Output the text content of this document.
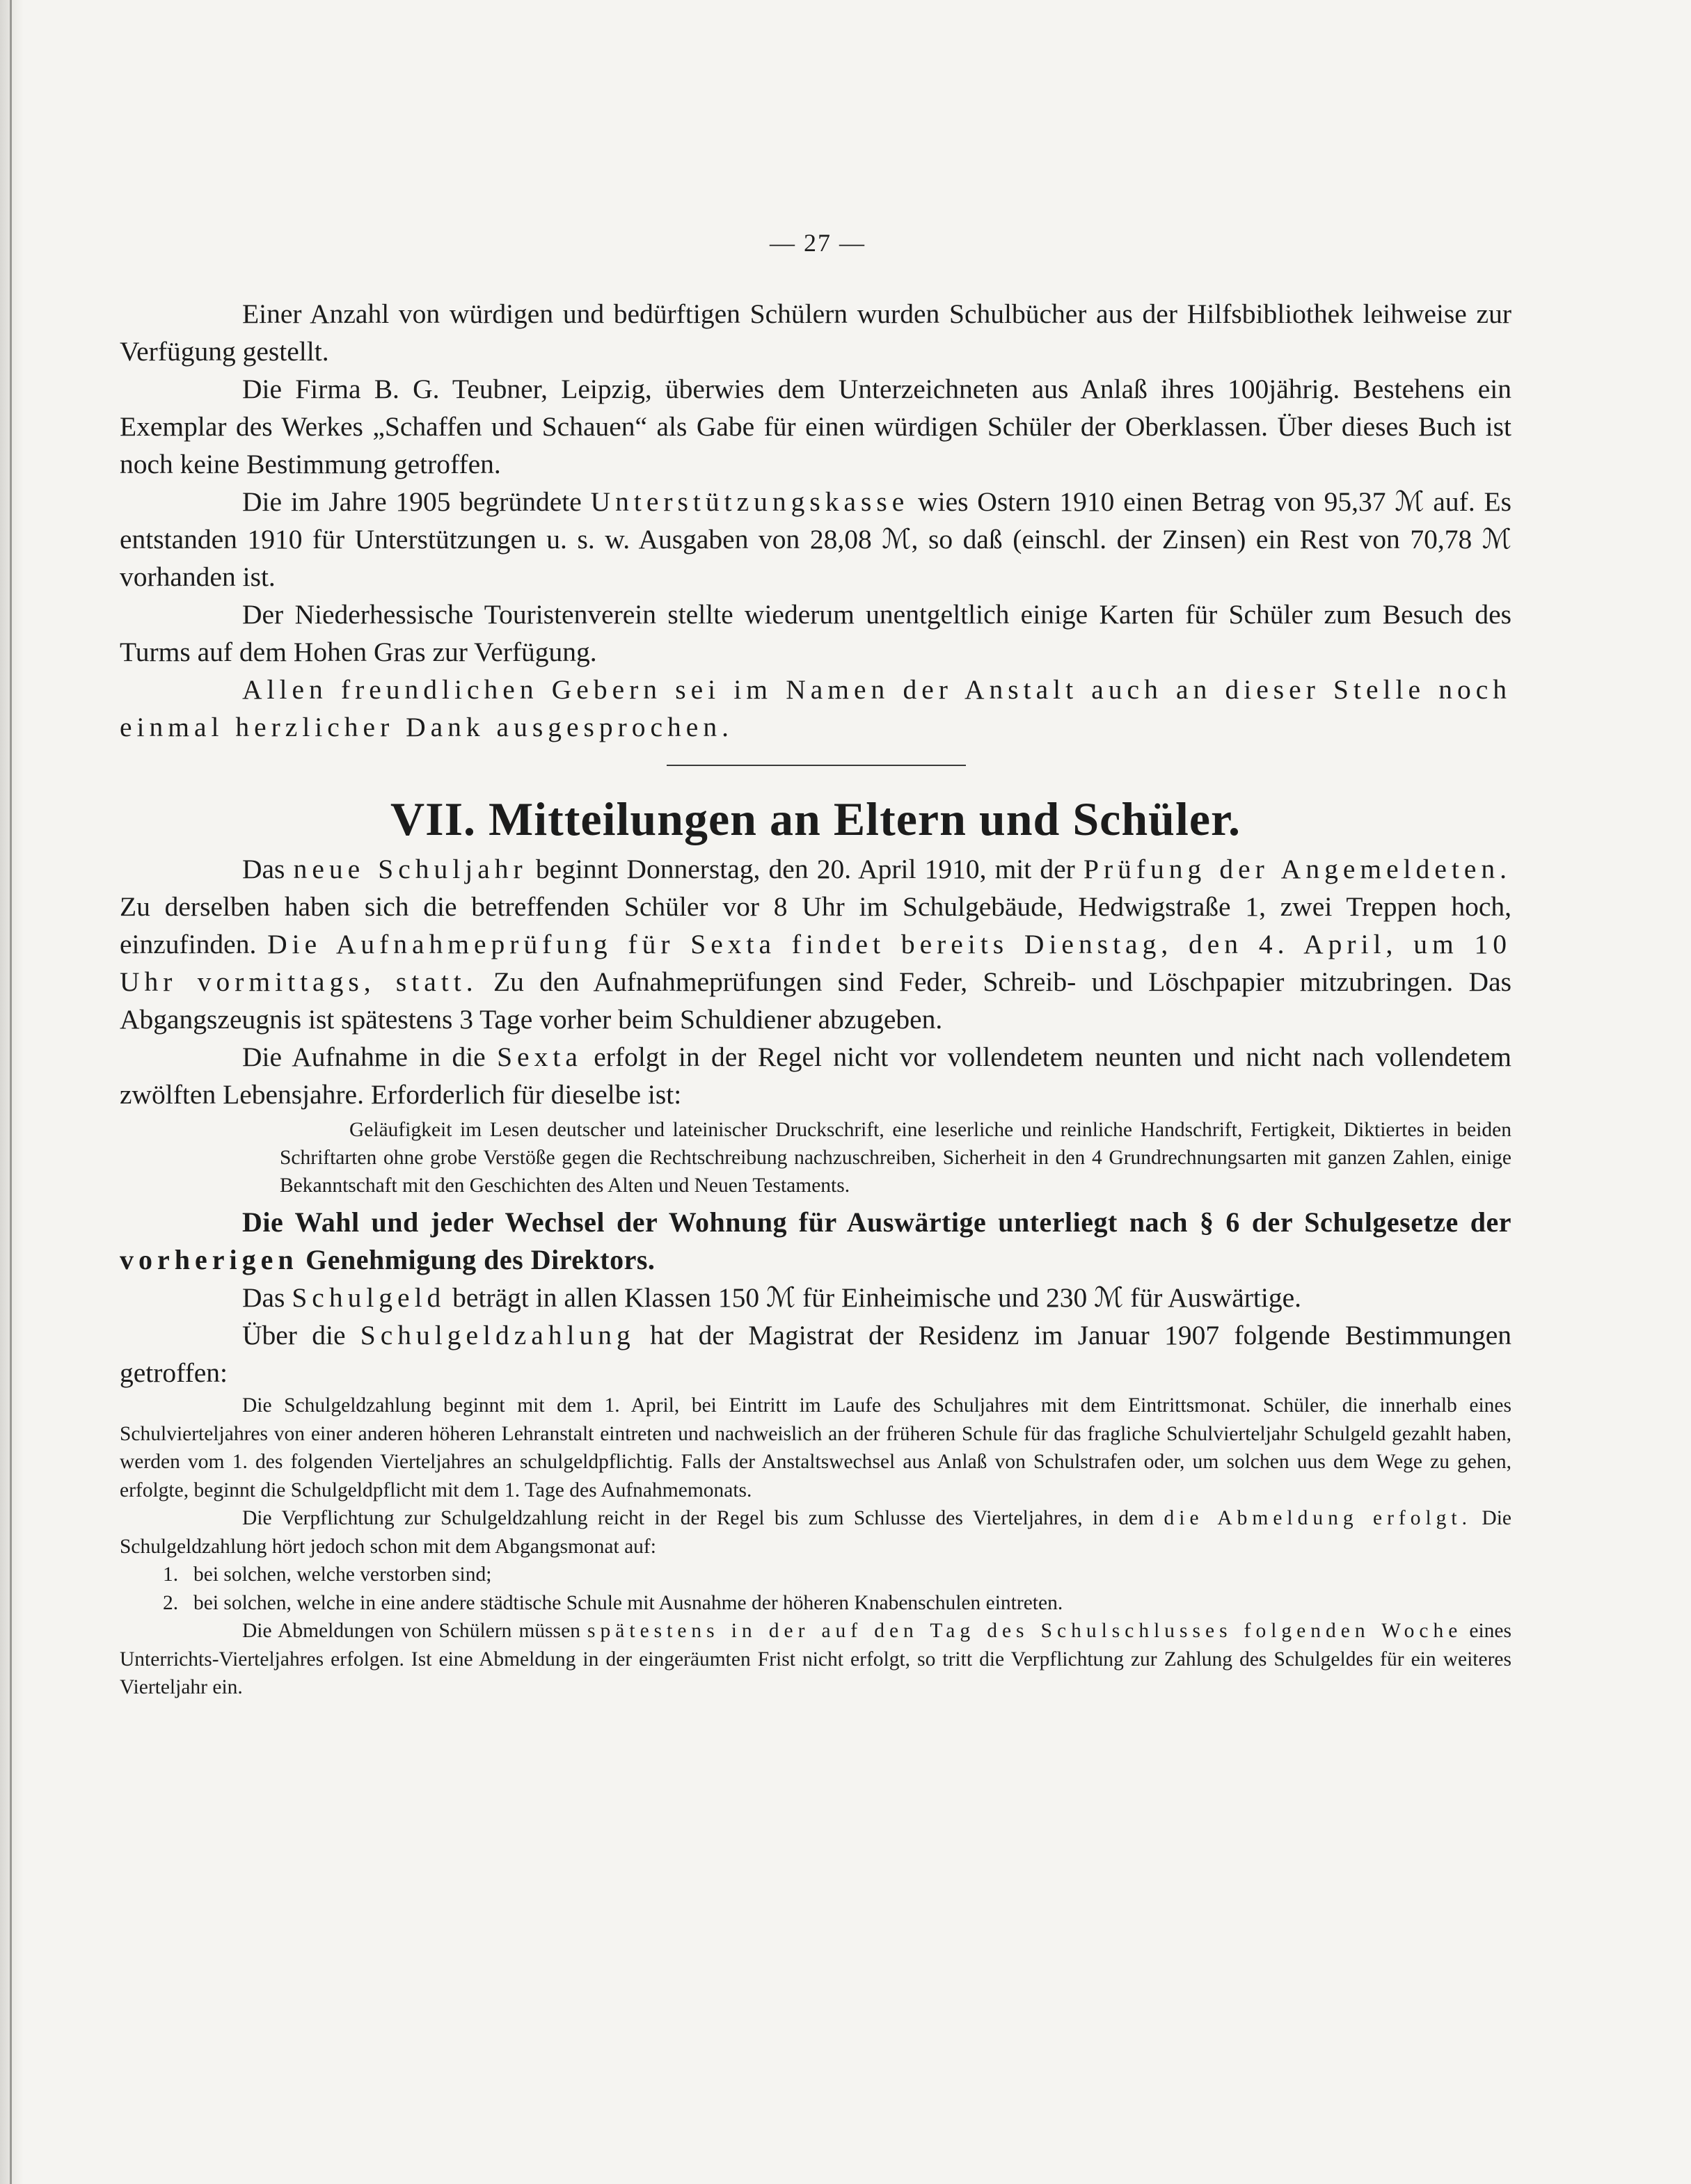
— 27 —

Einer Anzahl von würdigen und bedürftigen Schülern wurden Schulbücher aus der Hilfsbibliothek leihweise zur Verfügung gestellt.

Die Firma B. G. Teubner, Leipzig, überwies dem Unterzeichneten aus Anlaß ihres 100jährig. Bestehens ein Exemplar des Werkes „Schaffen und Schauen“ als Gabe für einen würdigen Schüler der Oberklassen. Über dieses Buch ist noch keine Bestimmung getroffen.

Die im Jahre 1905 begründete Unterstützungskasse wies Ostern 1910 einen Betrag von 95,37 ℳ auf. Es entstanden 1910 für Unterstützungen u. s. w. Ausgaben von 28,08 ℳ, so daß (einschl. der Zinsen) ein Rest von 70,78 ℳ vorhanden ist.

Der Niederhessische Touristenverein stellte wiederum unentgeltlich einige Karten für Schüler zum Besuch des Turms auf dem Hohen Gras zur Verfügung.

Allen freundlichen Gebern sei im Namen der Anstalt auch an dieser Stelle noch einmal herzlicher Dank ausgesprochen.

VII. Mitteilungen an Eltern und Schüler.

Das neue Schuljahr beginnt Donnerstag, den 20. April 1910, mit der Prüfung der Angemeldeten. Zu derselben haben sich die betreffenden Schüler vor 8 Uhr im Schulgebäude, Hedwigstraße 1, zwei Treppen hoch, einzufinden. Die Aufnahmeprüfung für Sexta findet bereits Dienstag, den 4. April, um 10 Uhr vormittags, statt. Zu den Aufnahmeprüfungen sind Feder, Schreib- und Löschpapier mitzubringen. Das Abgangszeugnis ist spätestens 3 Tage vorher beim Schuldiener abzugeben.

Die Aufnahme in die Sexta erfolgt in der Regel nicht vor vollendetem neunten und nicht nach vollendetem zwölften Lebensjahre. Erforderlich für dieselbe ist:

Geläufigkeit im Lesen deutscher und lateinischer Druckschrift, eine leserliche und reinliche Handschrift, Fertigkeit, Diktiertes in beiden Schriftarten ohne grobe Verstöße gegen die Rechtschreibung nachzuschreiben, Sicherheit in den 4 Grundrechnungsarten mit ganzen Zahlen, einige Bekanntschaft mit den Geschichten des Alten und Neuen Testaments.

Die Wahl und jeder Wechsel der Wohnung für Auswärtige unterliegt nach § 6 der Schulgesetze der vorherigen Genehmigung des Direktors.

Das Schulgeld beträgt in allen Klassen 150 ℳ für Einheimische und 230 ℳ für Auswärtige.

Über die Schulgeldzahlung hat der Magistrat der Residenz im Januar 1907 folgende Bestimmungen getroffen:

Die Schulgeldzahlung beginnt mit dem 1. April, bei Eintritt im Laufe des Schuljahres mit dem Eintrittsmonat. Schüler, die innerhalb eines Schulvierteljahres von einer anderen höheren Lehranstalt eintreten und nachweislich an der früheren Schule für das fragliche Schulvierteljahr Schulgeld gezahlt haben, werden vom 1. des folgenden Vierteljahres an schulgeldpflichtig. Falls der Anstaltswechsel aus Anlaß von Schulstrafen oder, um solchen uus dem Wege zu gehen, erfolgte, beginnt die Schulgeldpflicht mit dem 1. Tage des Aufnahmemonats.

Die Verpflichtung zur Schulgeldzahlung reicht in der Regel bis zum Schlusse des Vierteljahres, in dem die Abmeldung erfolgt. Die Schulgeldzahlung hört jedoch schon mit dem Abgangsmonat auf:

1. bei solchen, welche verstorben sind;
2. bei solchen, welche in eine andere städtische Schule mit Ausnahme der höheren Knabenschulen eintreten.

Die Abmeldungen von Schülern müssen spätestens in der auf den Tag des Schulschlusses folgenden Woche eines Unterrichts-Vierteljahres erfolgen. Ist eine Abmeldung in der eingeräumten Frist nicht erfolgt, so tritt die Verpflichtung zur Zahlung des Schulgeldes für ein weiteres Vierteljahr ein.
